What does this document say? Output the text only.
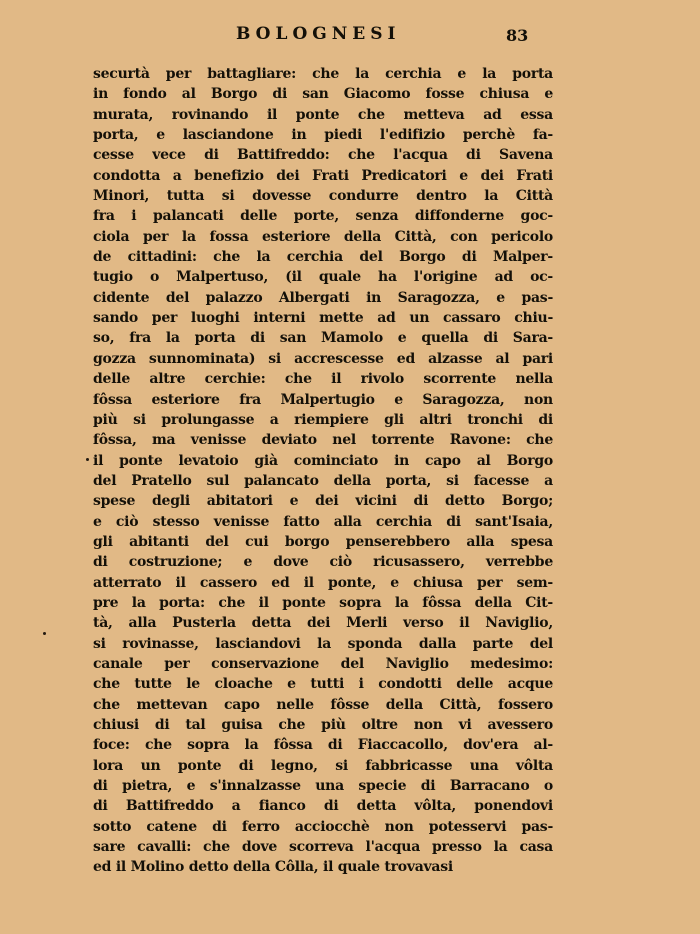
BOLOGNESI	83
securtà per battagliare: che la cerchia e la porta
in fondo al Borgo di san Giacomo fosse chiusa e
murata, rovinando il ponte che metteva ad essa
porta, e lasciandone in piedi l'edifizio perchè fa-
cesse vece di Battifreddo: che l'acqua di Savena
condotta a benefizio dei Frati Predicatori e dei Frati
Minori, tutta si dovesse condurre dentro la Città
fra i palancati delle porte, senza diffonderne goc-
ciola per la fossa esteriore della Città, con pericolo
de cittadini: che la cerchia del Borgo di Malper-
tugio o Malpertuso, (il quale ha l'origine ad oc-
cidente del palazzo Albergati in Saragozza, e pas-
sando per luoghi interni mette ad un cassaro chiu-
so, fra la porta di san Mamolo e quella di Sara-
gozza sunnominata) si accrescesse ed alzasse al pari
delle altre cerchie: che il rivolo scorrente nella
fôssa esteriore fra Malpertugio e Saragozza, non
più si prolungasse a riempiere gli altri tronchi di
fôssa, ma venisse deviato nel torrente Ravone: che
il ponte levatoio già cominciato in capo al Borgo
del Pratello sul palancato della porta, si facesse a
spese degli abitatori e dei vicini di detto Borgo;
e ciò stesso venisse fatto alla cerchia di sant'Isaia,
gli abitanti del cui borgo penserebbero alla spesa
di costruzione; e dove ciò ricusassero, verrebbe
atterrato il cassero ed il ponte, e chiusa per sem-
pre la porta: che il ponte sopra la fôssa della Cit-
tà, alla Pusterla detta dei Merli verso il Naviglio,
si rovinasse, lasciandovi la sponda dalla parte del
canale per conservazione del Naviglio medesimo:
che tutte le cloache e tutti i condotti delle acque
che mettevan capo nelle fôsse della Città, fossero
chiusi di tal guisa che più oltre non vi avessero
foce: che sopra la fôssa di Fiaccacollo, dov'era al-
lora un ponte di legno, si fabbricasse una vôlta
di pietra, e s'innalzasse una specie di Barracano o
di Battifreddo a fianco di detta vôlta, ponendovi
sotto catene di ferro acciocchè non potesservi pas-
sare cavalli: che dove scorreva l'acqua presso la casa
ed il Molino detto della Côlla, il quale trovavasi
